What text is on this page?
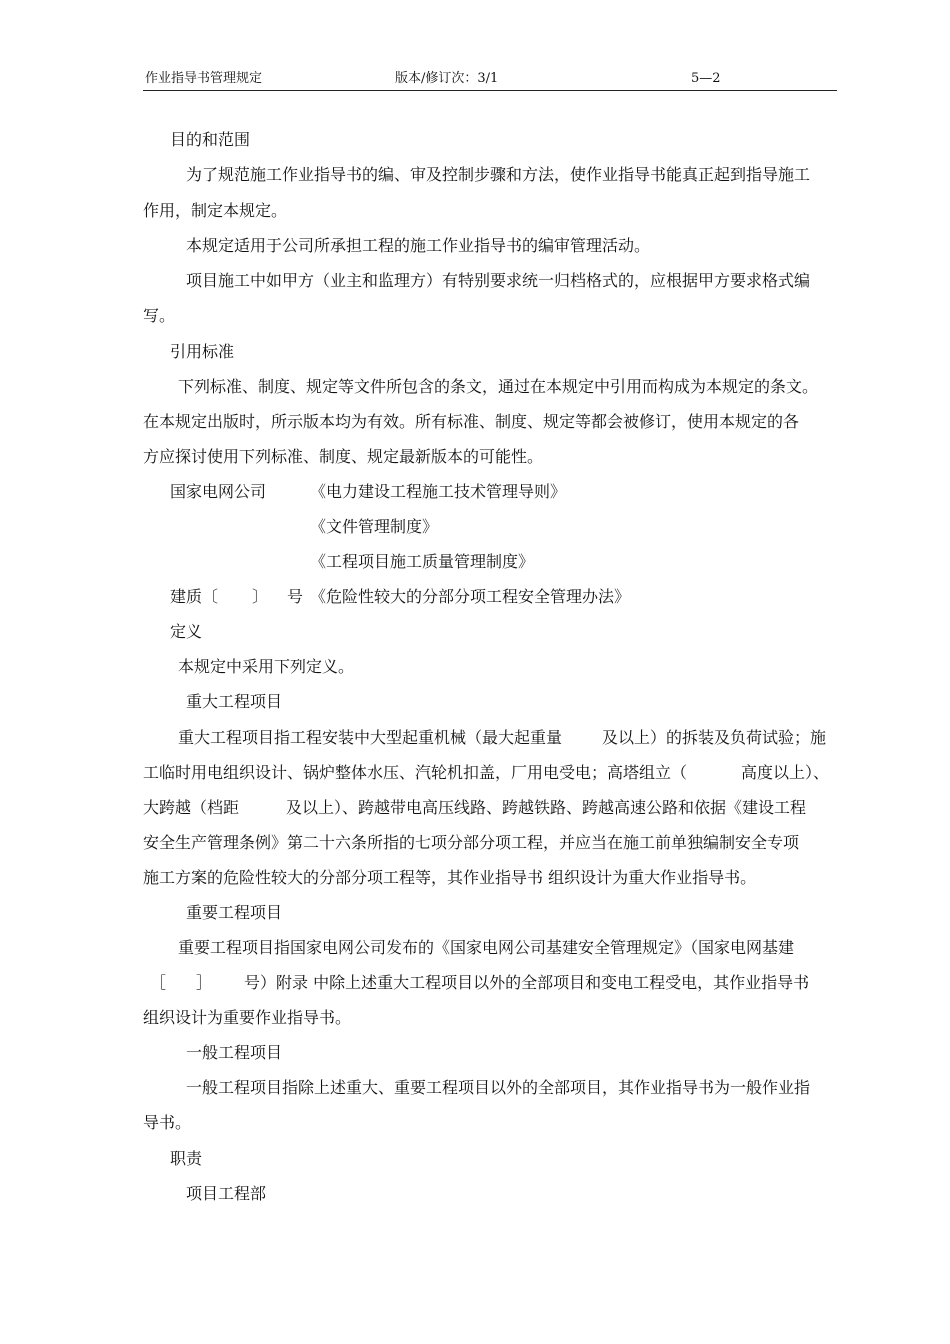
作业指导书管理规定	版本/修订次：3/1	5—2
目的和范围
为了规范施工作业指导书的编、审及控制步骤和方法，使作业指导书能真正起到指导施工
作用，制定本规定。
本规定适用于公司所承担工程的施工作业指导书的编审管理活动。
项目施工中如甲方（业主和监理方）有特别要求统一归档格式的，应根据甲方要求格式编
写。
引用标准
下列标准、制度、规定等文件所包含的条文，通过在本规定中引用而构成为本规定的条文。
在本规定出版时，所示版本均为有效。所有标准、制度、规定等都会被修订，使用本规定的各
方应探讨使用下列标准、制度、规定最新版本的可能性。
国家电网公司	《电力建设工程施工技术管理导则》
《文件管理制度》
《工程项目施工质量管理制度》
建质〔 〕 号 《危险性较大的分部分项工程安全管理办法》
定义
本规定中采用下列定义。
重大工程项目
重大工程项目指工程安装中大型起重机械（最大起重量 及以上）的拆装及负荷试验；施
工临时用电组织设计、锅炉整体水压、汽轮机扣盖，厂用电受电；高塔组立（	高度以上）、
大跨越（档距	及以上）、跨越带电高压线路、跨越铁路、跨越高速公路和依据《建设工程
安全生产管理条例》第二十六条所指的七项分部分项工程，并应当在施工前单独编制安全专项
施工方案的危险性较大的分部分项工程等，其作业指导书 组织设计为重大作业指导书。
重要工程项目
重要工程项目指国家电网公司发布的《国家电网公司基建安全管理规定》（国家电网基建
［ ］ 号）附录 中除上述重大工程项目以外的全部项目和变电工程受电，其作业指导书
组织设计为重要作业指导书。
一般工程项目
一般工程项目指除上述重大、重要工程项目以外的全部项目，其作业指导书为一般作业指
导书。
职责
项目工程部
